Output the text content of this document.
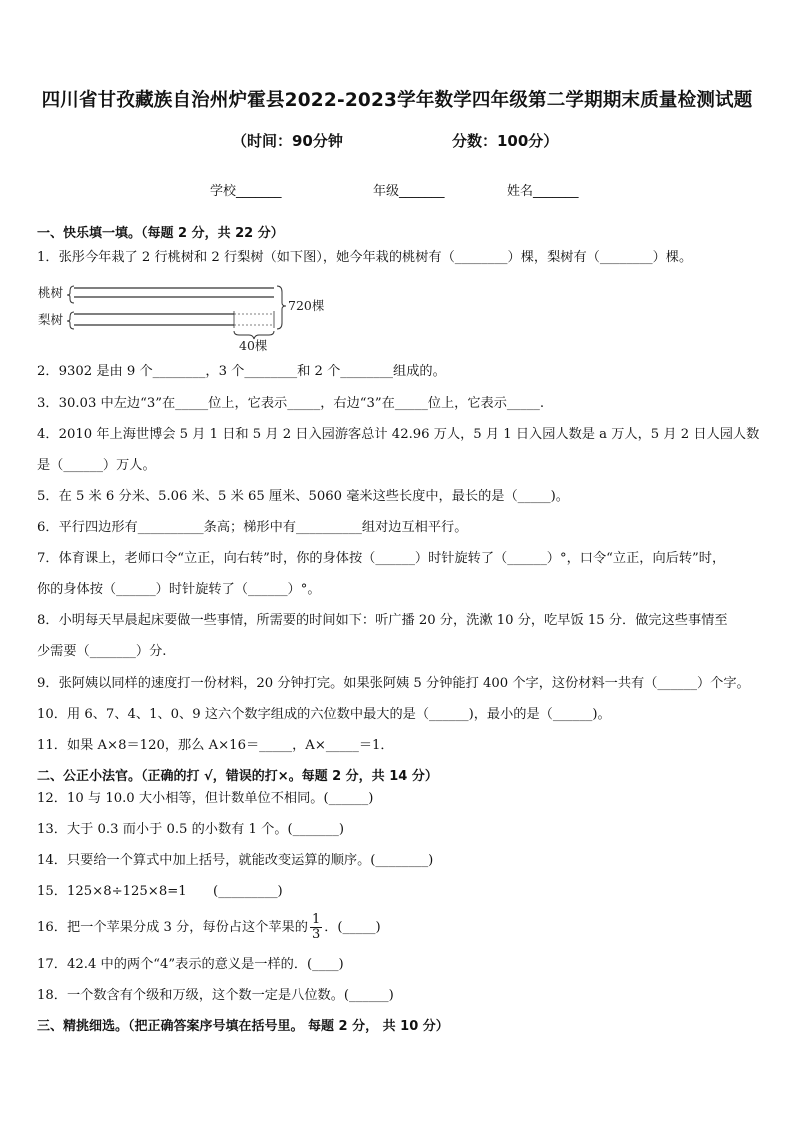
四川省甘孜藏族自治州炉霍县2022-2023学年数学四年级第二学期期末质量检测试题
（时间：90分钟	分数：100分）
学校_______	年级_______	姓名_______
一、快乐填一填。（每题 2 分，共 22 分）
1．张彤今年栽了 2 行桃树和 2 行梨树（如下图），她今年栽的桃树有（________）棵，梨树有（________）棵。
桃树
梨树
720棵
40棵
2．9302 是由 9 个________，3 个________和 2 个________组成的。
3．30.03 中左边“3”在_____位上，它表示_____，右边“3”在_____位上，它表示_____.
4．2010 年上海世博会 5 月 1 日和 5 月 2 日入园游客总计 42.96 万人，5 月 1 日入园人数是 a 万人，5 月 2 日人园人数
是（______）万人。
5．在 5 米 6 分米、5.06 米、5 米 65 厘米、5060 毫米这些长度中，最长的是（_____)。
6．平行四边形有__________条高；梯形中有__________组对边互相平行。
7．体育课上，老师口令“立正，向右转”时，你的身体按（______）时针旋转了（______）°，口令“立正，向后转”时，
你的身体按（______）时针旋转了（______）°。
8．小明每天早晨起床要做一些事情，所需要的时间如下：听广播 20 分，洗漱 10 分，吃早饭 15 分．做完这些事情至
少需要（_______）分.
9．张阿姨以同样的速度打一份材料，20 分钟打完。如果张阿姨 5 分钟能打 400 个字，这份材料一共有（______）个字。
10．用 6、7、4、1、0、9 这六个数字组成的六位数中最大的是（______)，最小的是（______)。
11．如果 A×8＝120，那么 A×16＝_____，A×_____＝1．
二、公正小法官。（正确的打 √，错误的打×。每题 2 分，共 14 分）
12．10 与 10.0 大小相等，但计数单位不相同。(______)
13．大于 0.3 而小于 0.5 的小数有 1 个。(_______)
14．只要给一个算式中加上括号，就能改变运算的顺序。(________)
15．125×8÷125×8=1　　(_________)
16．把一个苹果分成 3 分，每份占这个苹果的 $\frac{1}{3}$ ．(_____)
17．42.4 中的两个“4”表示的意义是一样的．(____)
18．一个数含有个级和万级，这个数一定是八位数。(______)
三、精挑细选。（把正确答案序号填在括号里。 每题 2 分， 共 10 分）
